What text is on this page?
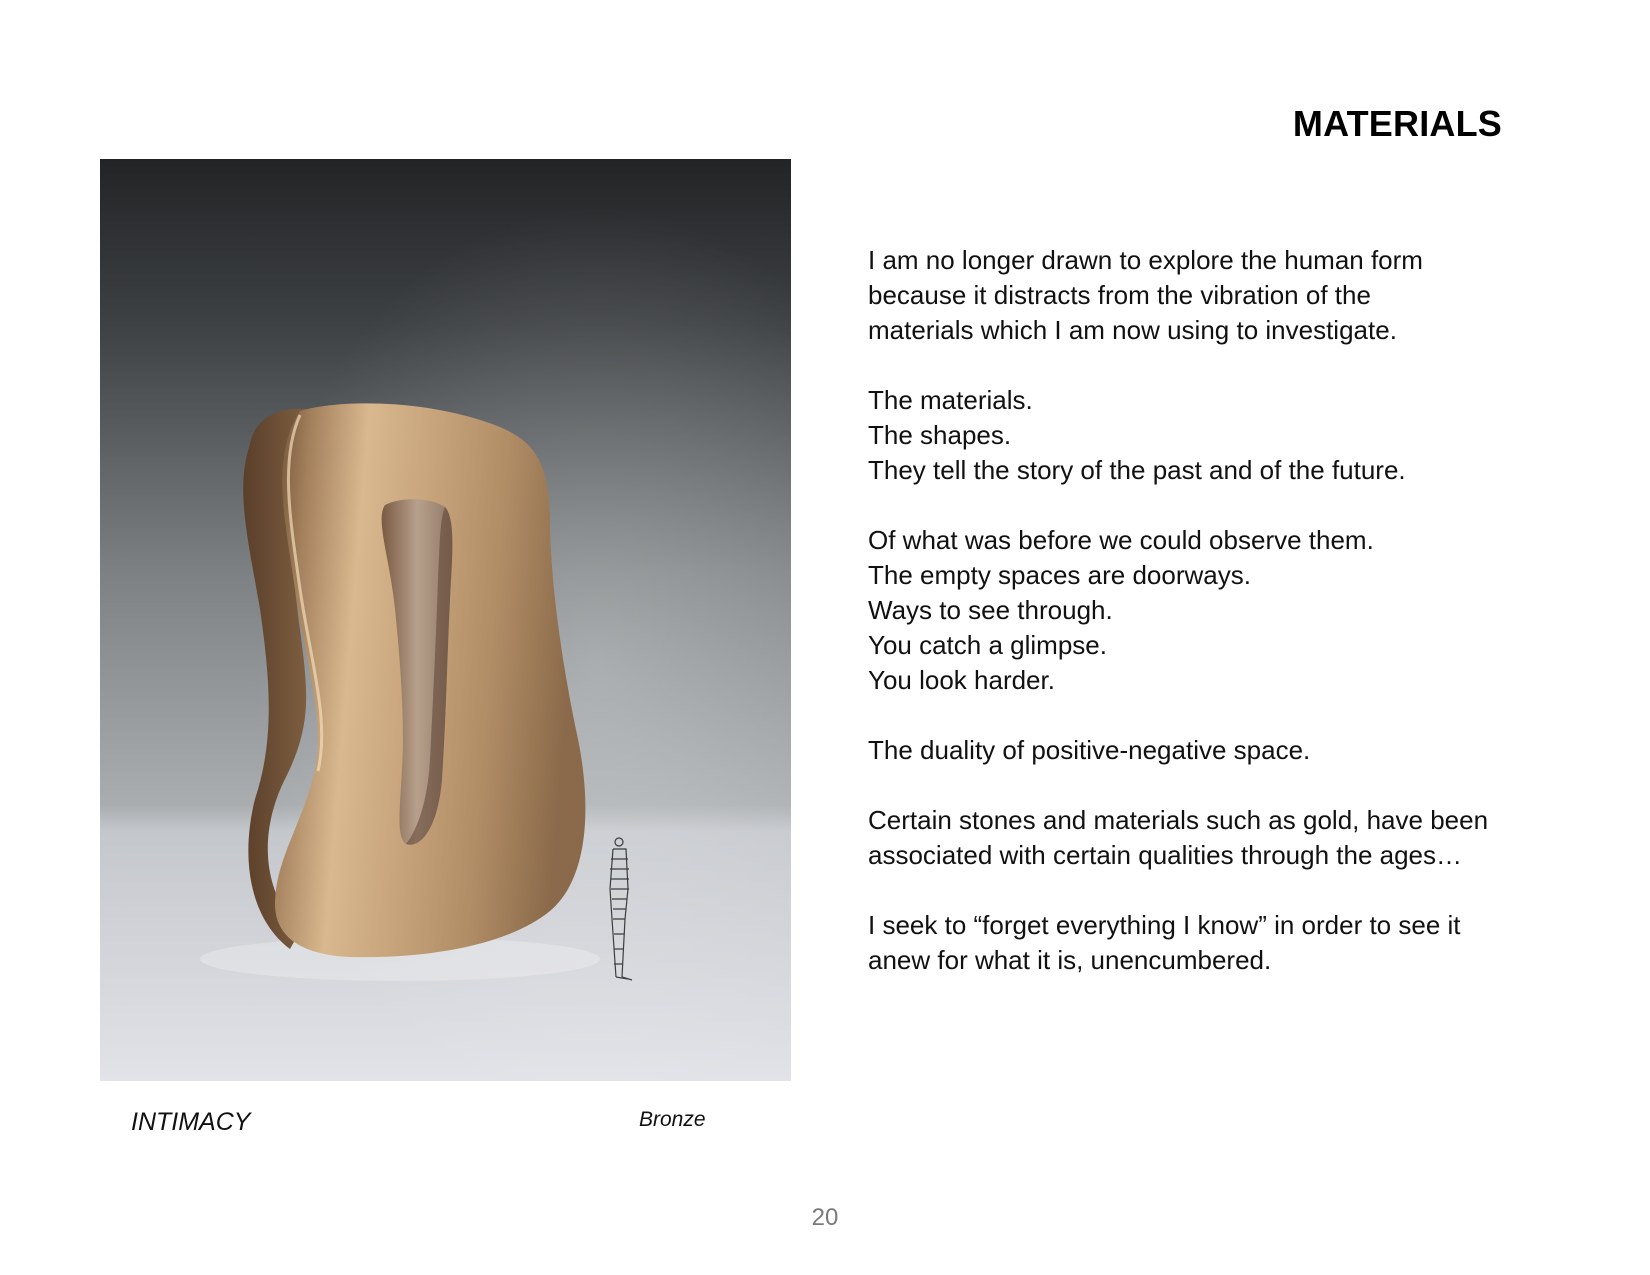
MATERIALS
INTIMACY	Bronze

I am no longer drawn to explore the human form
because it distracts from the vibration of the
materials which I am now using to investigate.

The materials.
The shapes.
They tell the story of the past and of the future.

Of what was before we could observe them.
The empty spaces are doorways.
Ways to see through.
You catch a glimpse.
You look harder.

The duality of positive-negative space.

Certain stones and materials such as gold, have been
associated with certain qualities through the ages…

I seek to “forget everything I know” in order to see it
anew for what it is, unencumbered.

20
